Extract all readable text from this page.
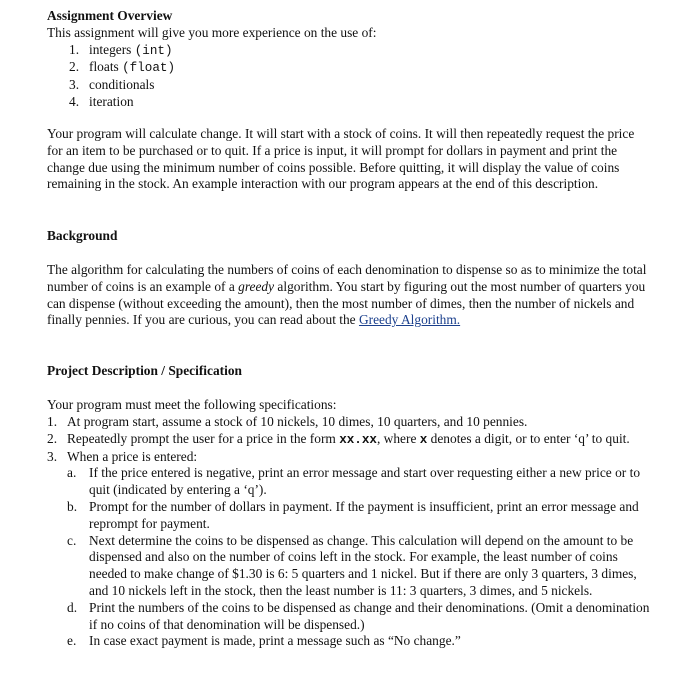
Assignment Overview
This assignment will give you more experience on the use of:
1. integers (int)
2. floats (float)
3. conditionals
4. iteration

Your program will calculate change. It will start with a stock of coins. It will then repeatedly request the price for an item to be purchased or to quit. If a price is input, it will prompt for dollars in payment and print the change due using the minimum number of coins possible. Before quitting, it will display the value of coins remaining in the stock. An example interaction with our program appears at the end of this description.

Background

The algorithm for calculating the numbers of coins of each denomination to dispense so as to minimize the total number of coins is an example of a greedy algorithm. You start by figuring out the most number of quarters you can dispense (without exceeding the amount), then the most number of dimes, then the number of nickels and finally pennies. If you are curious, you can read about the Greedy Algorithm.

Project Description / Specification
Your program must meet the following specifications:
1. At program start, assume a stock of 10 nickels, 10 dimes, 10 quarters, and 10 pennies.
2. Repeatedly prompt the user for a price in the form xx.xx, where x denotes a digit, or to enter ‘q’ to quit.
3. When a price is entered:
a. If the price entered is negative, print an error message and start over requesting either a new price or to quit (indicated by entering a ‘q’).
b. Prompt for the number of dollars in payment. If the payment is insufficient, print an error message and reprompt for payment.
c. Next determine the coins to be dispensed as change. This calculation will depend on the amount to be dispensed and also on the number of coins left in the stock. For example, the least number of coins needed to make change of $1.30 is 6: 5 quarters and 1 nickel. But if there are only 3 quarters, 3 dimes, and 10 nickels left in the stock, then the least number is 11: 3 quarters, 3 dimes, and 5 nickels.
d. Print the numbers of the coins to be dispensed as change and their denominations. (Omit a denomination if no coins of that denomination will be dispensed.)
e. In case exact payment is made, print a message such as “No change.”
